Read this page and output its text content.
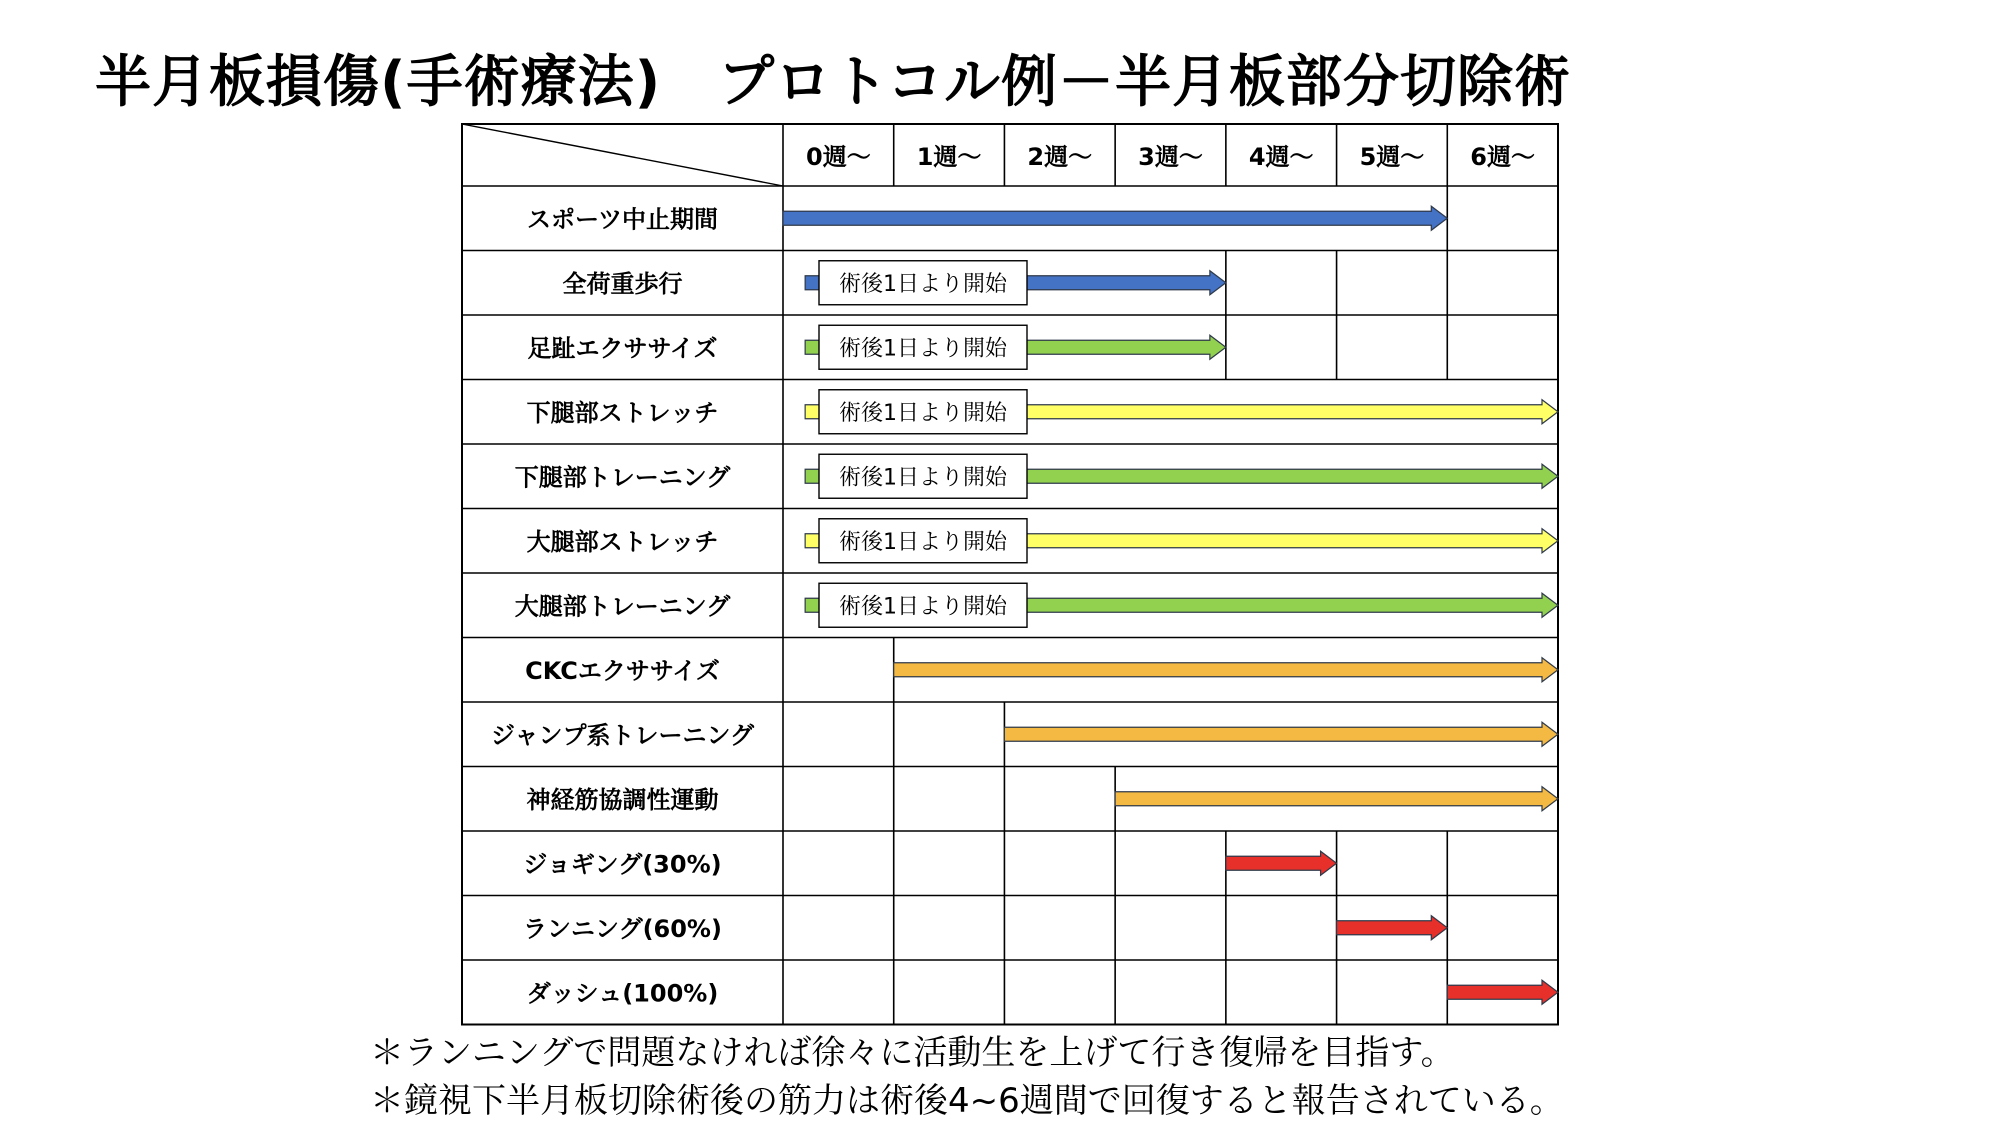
半月板損傷(手術療法)　プロトコル例－半月板部分切除術
0週〜 1週〜 2週〜 3週〜 4週〜 5週〜 6週〜
スポーツ中止期間
全荷重歩行
足趾エクササイズ
下腿部ストレッチ
下腿部トレーニング
大腿部ストレッチ
大腿部トレーニング
CKCエクササイズ
ジャンプ系トレーニング
神経筋協調性運動
ジョギング(30%)
ランニング(60%)
ダッシュ(100%)
術後1日より開始
術後1日より開始
術後1日より開始
術後1日より開始
術後1日より開始
術後1日より開始
＊ランニングで問題なければ徐々に活動生を上げて行き復帰を目指す。
＊鏡視下半月板切除術後の筋力は術後4~6週間で回復すると報告されている。
